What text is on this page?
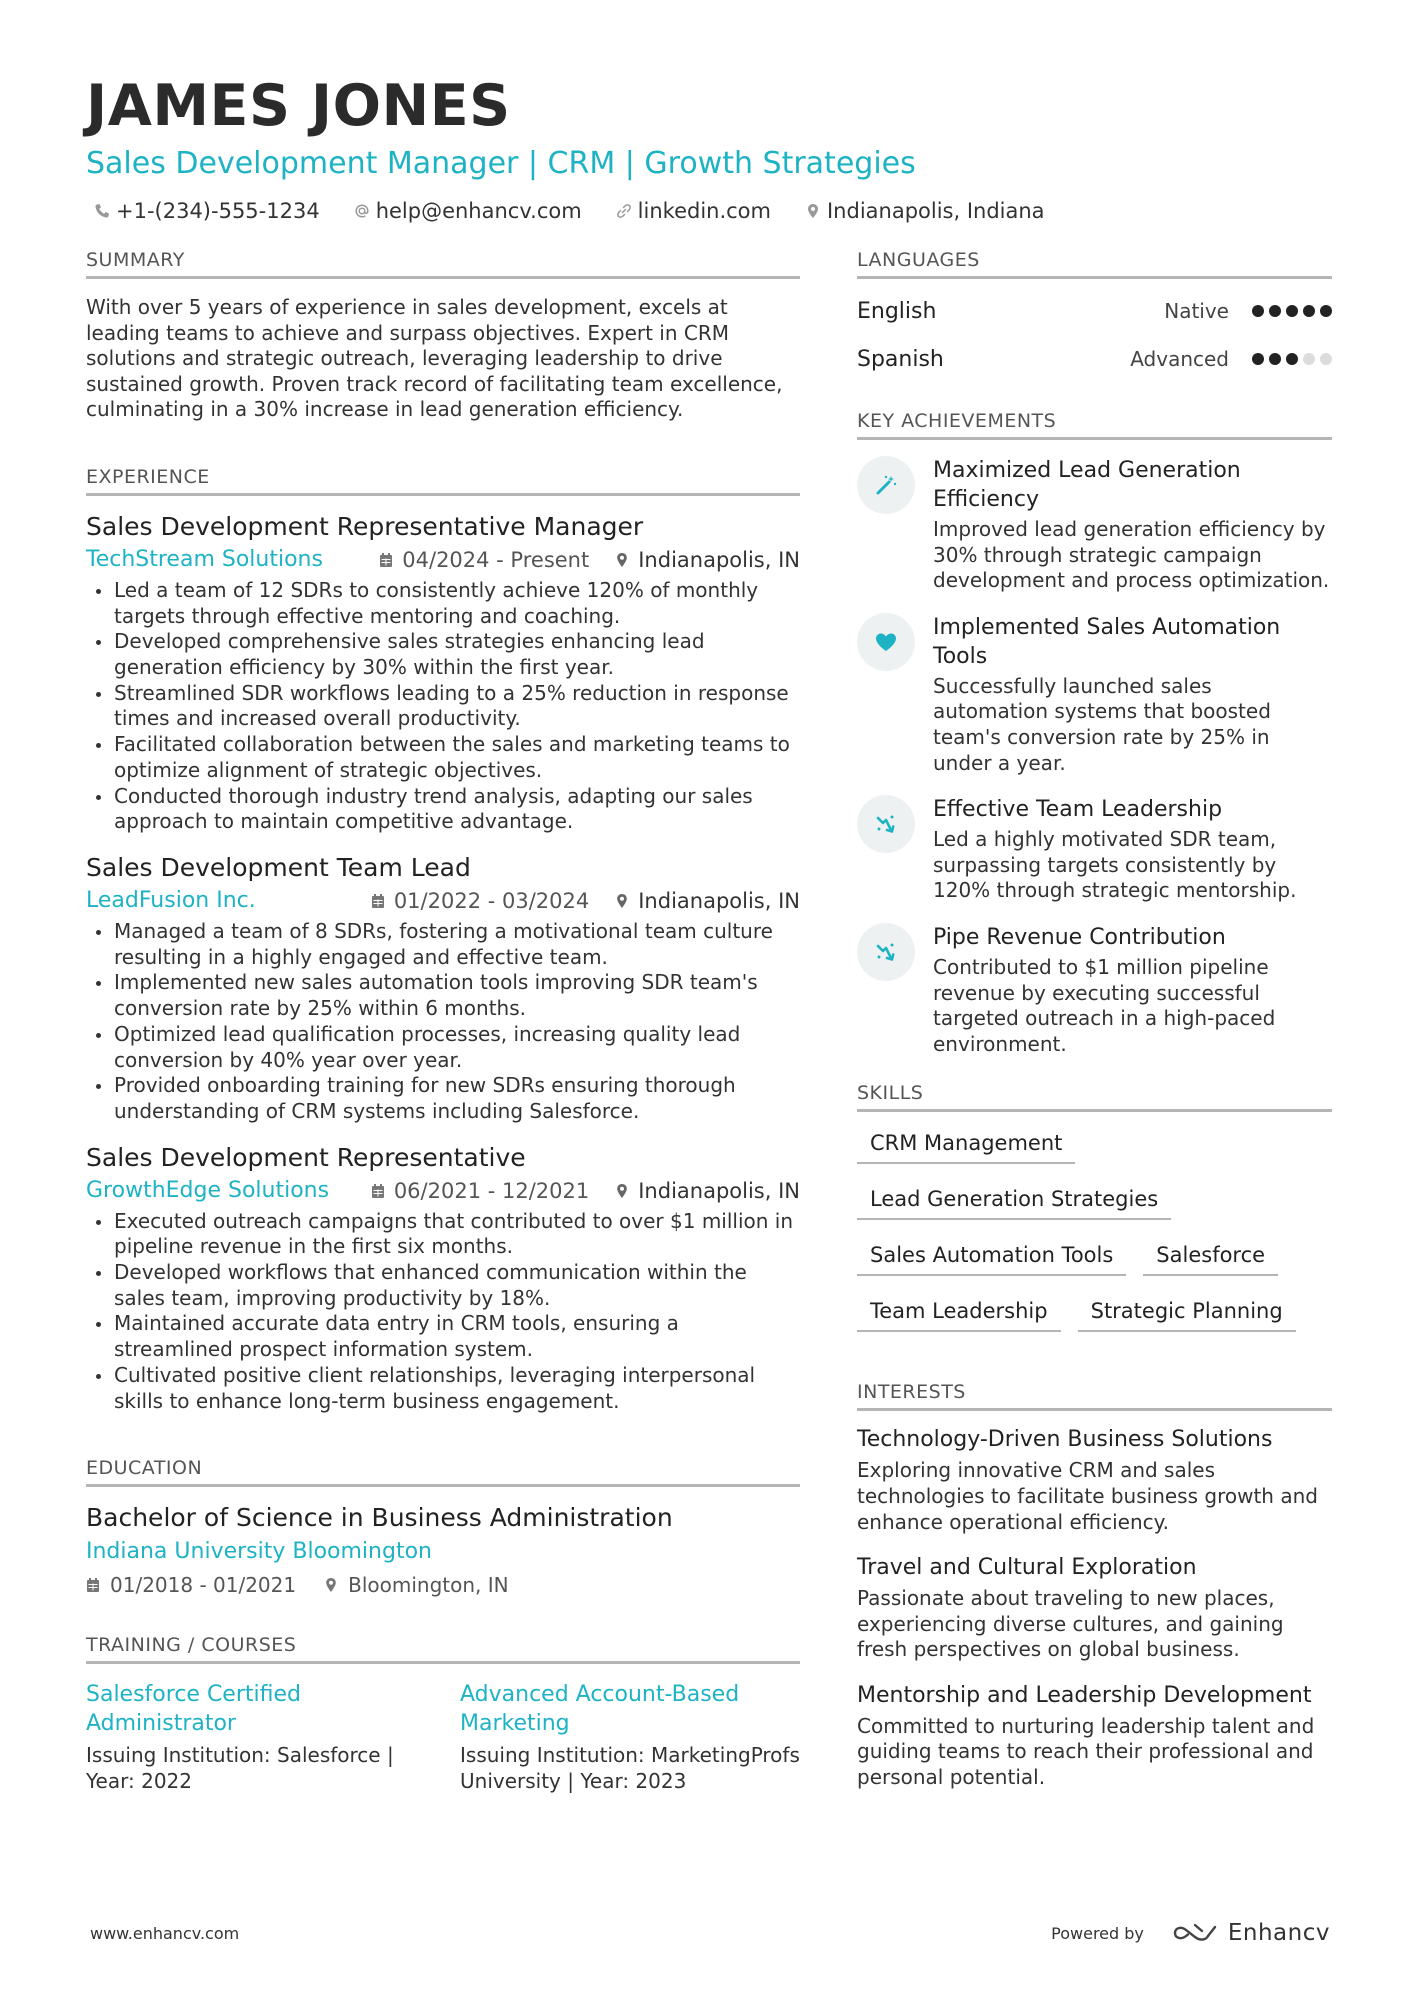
JAMES JONES
Sales Development Manager | CRM | Growth Strategies
+1-(234)-555-1234	help@enhancv.com	linkedin.com	Indianapolis, Indiana
SUMMARY
With over 5 years of experience in sales development, excels at leading teams to achieve and surpass objectives. Expert in CRM solutions and strategic outreach, leveraging leadership to drive sustained growth. Proven track record of facilitating team excellence, culminating in a 30% increase in lead generation efficiency.
EXPERIENCE
Sales Development Representative Manager
TechStream Solutions	04/2024 - Present Indianapolis, IN
Led a team of 12 SDRs to consistently achieve 120% of monthly targets through effective mentoring and coaching.
Developed comprehensive sales strategies enhancing lead generation efficiency by 30% within the first year.
Streamlined SDR workflows leading to a 25% reduction in response times and increased overall productivity.
Facilitated collaboration between the sales and marketing teams to optimize alignment of strategic objectives.
Conducted thorough industry trend analysis, adapting our sales approach to maintain competitive advantage.
Sales Development Team Lead
LeadFusion Inc.	01/2022 - 03/2024 Indianapolis, IN
Managed a team of 8 SDRs, fostering a motivational team culture resulting in a highly engaged and effective team.
Implemented new sales automation tools improving SDR team's conversion rate by 25% within 6 months.
Optimized lead qualification processes, increasing quality lead conversion by 40% year over year.
Provided onboarding training for new SDRs ensuring thorough understanding of CRM systems including Salesforce.
Sales Development Representative
GrowthEdge Solutions	06/2021 - 12/2021 Indianapolis, IN
Executed outreach campaigns that contributed to over $1 million in pipeline revenue in the first six months.
Developed workflows that enhanced communication within the sales team, improving productivity by 18%.
Maintained accurate data entry in CRM tools, ensuring a streamlined prospect information system.
Cultivated positive client relationships, leveraging interpersonal skills to enhance long-term business engagement.
EDUCATION
Bachelor of Science in Business Administration
Indiana University Bloomington
01/2018 - 01/2021	Bloomington, IN
TRAINING / COURSES
Salesforce Certified Administrator
Issuing Institution: Salesforce | Year: 2022
Advanced Account-Based Marketing
Issuing Institution: MarketingProfs University | Year: 2023
LANGUAGES
English	Native
Spanish	Advanced
KEY ACHIEVEMENTS
Maximized Lead Generation Efficiency
Improved lead generation efficiency by 30% through strategic campaign development and process optimization.
Implemented Sales Automation Tools
Successfully launched sales automation systems that boosted team's conversion rate by 25% in under a year.
Effective Team Leadership
Led a highly motivated SDR team, surpassing targets consistently by 120% through strategic mentorship.
Pipe Revenue Contribution
Contributed to $1 million pipeline revenue by executing successful targeted outreach in a high-paced environment.
SKILLS
CRM Management
Lead Generation Strategies
Sales Automation Tools	Salesforce
Team Leadership	Strategic Planning
INTERESTS
Technology-Driven Business Solutions
Exploring innovative CRM and sales technologies to facilitate business growth and enhance operational efficiency.
Travel and Cultural Exploration
Passionate about traveling to new places, experiencing diverse cultures, and gaining fresh perspectives on global business.
Mentorship and Leadership Development
Committed to nurturing leadership talent and guiding teams to reach their professional and personal potential.
www.enhancv.com	Powered by	Enhancv
